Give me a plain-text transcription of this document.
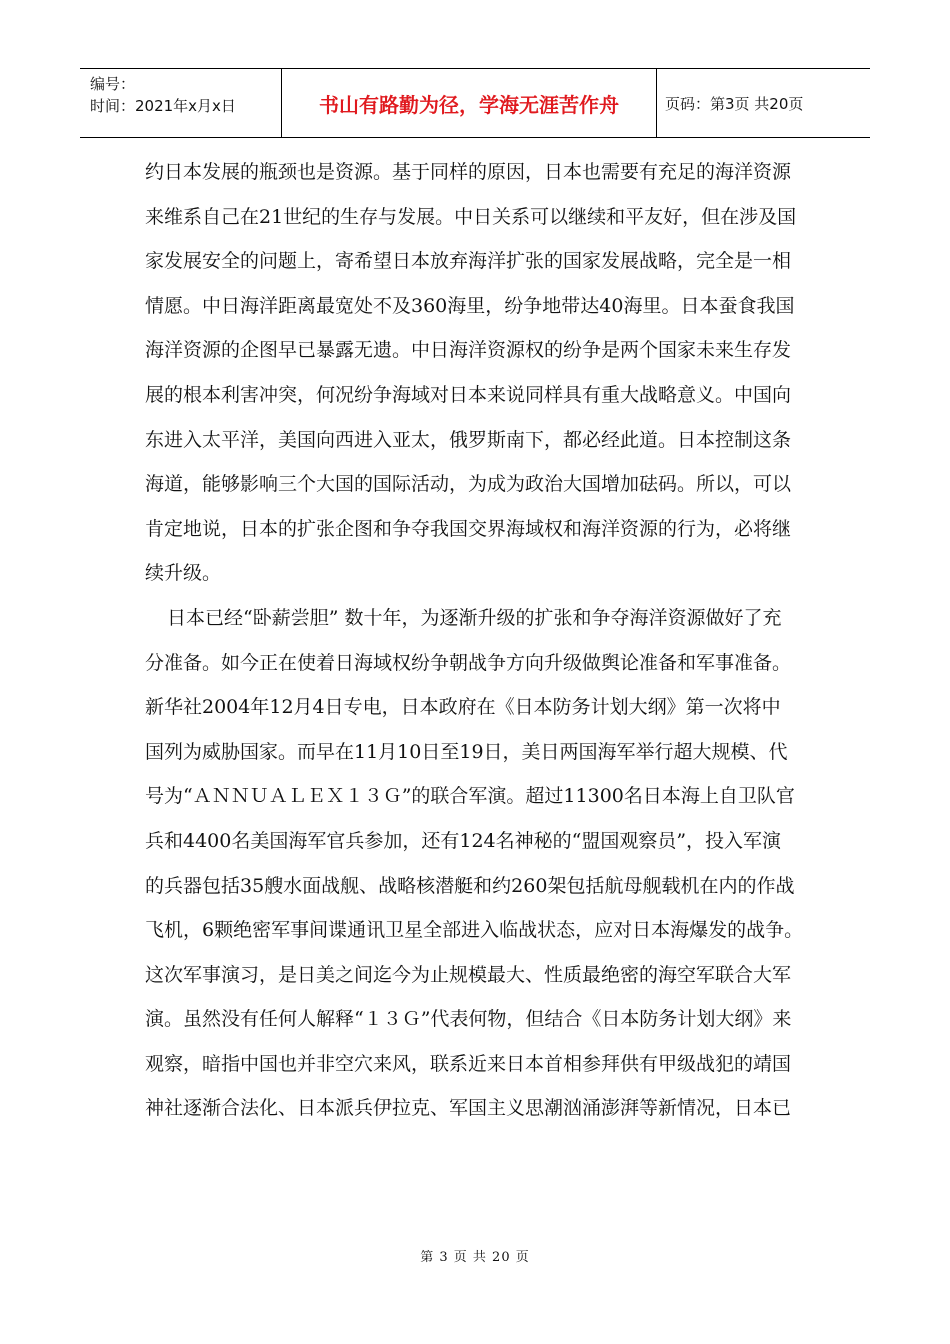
编号：
时间：2021年x月x日	书山有路勤为径，学海无涯苦作舟	页码：第3页 共20页
约日本发展的瓶颈也是资源。基于同样的原因，日本也需要有充足的海洋资源
来维系自己在21世纪的生存与发展。中日关系可以继续和平友好，但在涉及国
家发展安全的问题上，寄希望日本放弃海洋扩张的国家发展战略，完全是一相
情愿。中日海洋距离最宽处不及360海里，纷争地带达40海里。日本蚕食我国
海洋资源的企图早已暴露无遗。中日海洋资源权的纷争是两个国家未来生存发
展的根本利害冲突，何况纷争海域对日本来说同样具有重大战略意义。中国向
东进入太平洋，美国向西进入亚太，俄罗斯南下，都必经此道。日本控制这条
海道，能够影响三个大国的国际活动，为成为政治大国增加砝码。所以，可以
肯定地说，日本的扩张企图和争夺我国交界海域权和海洋资源的行为，必将继
续升级。
日本已经“卧薪尝胆” 数十年，为逐渐升级的扩张和争夺海洋资源做好了充
分准备。如今正在使着日海域权纷争朝战争方向升级做舆论准备和军事准备。
新华社2004年12月4日专电，日本政府在《日本防务计划大纲》第一次将中
国列为威胁国家。而早在11月10日至19日，美日两国海军举行超大规模、代
号为“ＡＮＮＵＡＬＥＸ１３Ｇ”的联合军演。超过11300名日本海上自卫队官
兵和4400名美国海军官兵参加，还有124名神秘的“盟国观察员”，投入军演
的兵器包括35艘水面战舰、战略核潜艇和约260架包括航母舰载机在内的作战
飞机，6颗绝密军事间谍通讯卫星全部进入临战状态，应对日本海爆发的战争。
这次军事演习，是日美之间迄今为止规模最大、性质最绝密的海空军联合大军
演。虽然没有任何人解释“１３Ｇ”代表何物，但结合《日本防务计划大纲》来
观察，暗指中国也并非空穴来风，联系近来日本首相参拜供有甲级战犯的靖国
神社逐渐合法化、日本派兵伊拉克、军国主义思潮汹涌澎湃等新情况，日本已
第 3 页 共 20 页
